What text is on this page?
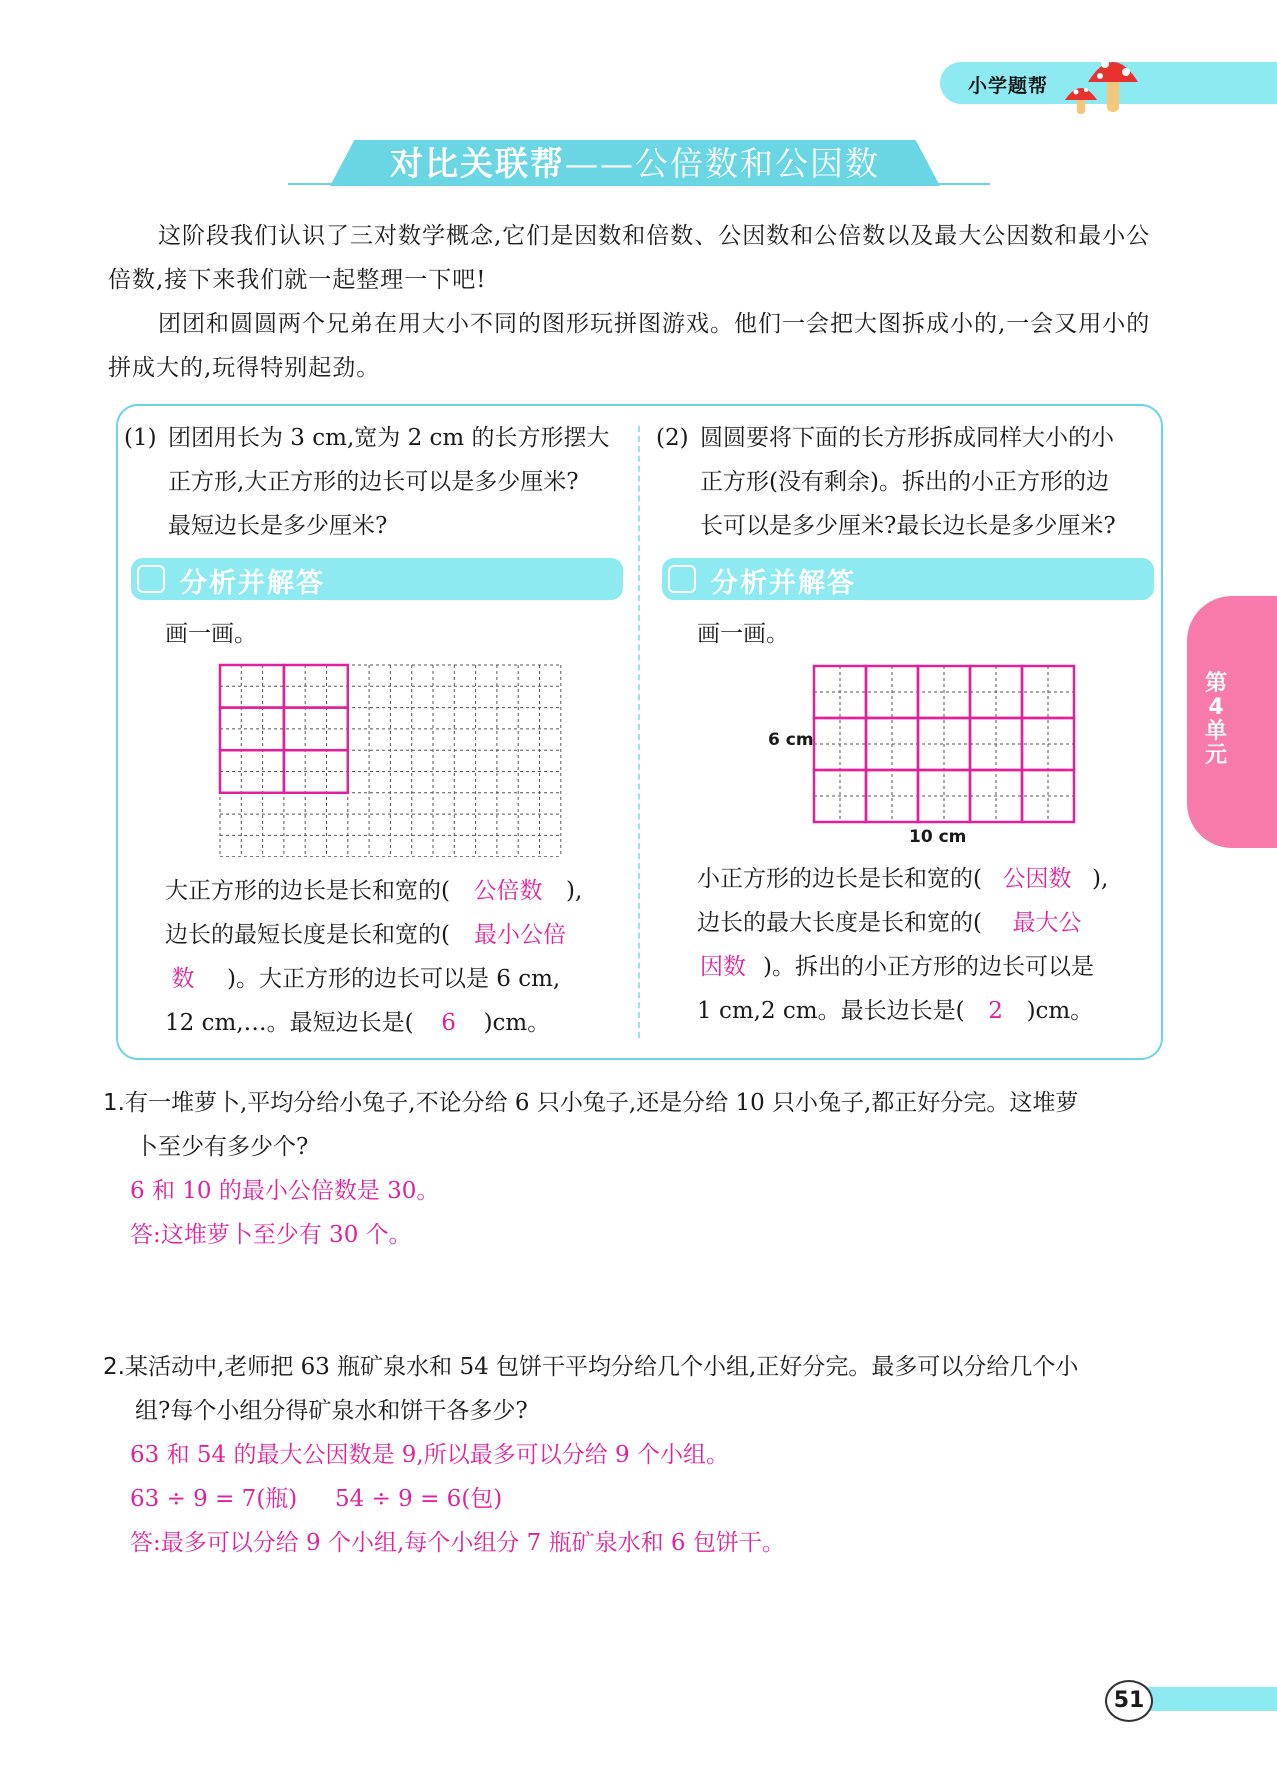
小学题帮
对比关联帮——公倍数和公因数
这阶段我们认识了三对数学概念,它们是因数和倍数、公因数和公倍数以及最大公因数和最小公倍数,接下来我们就一起整理一下吧!
团团和圆圆两个兄弟在用大小不同的图形玩拼图游戏。他们一会把大图拆成小的,一会又用小的拼成大的,玩得特别起劲。
(1) 团团用长为 3 cm,宽为 2 cm 的长方形摆大
正方形,大正方形的边长可以是多少厘米?
最短边长是多少厘米?
分析并解答
画一画。
大正方形的边长是长和宽的( 公倍数 ),
边长的最短长度是长和宽的( 最小公倍
数 )。大正方形的边长可以是 6 cm,
12 cm,…。最短边长是( 6 )cm。
(2) 圆圆要将下面的长方形拆成同样大小的小
正方形(没有剩余)。拆出的小正方形的边
长可以是多少厘米?最长边长是多少厘米?
分析并解答
画一画。
6 cm
10 cm
小正方形的边长是长和宽的( 公因数 ),
边长的最大长度是长和宽的( 最大公
因数 )。拆出的小正方形的边长可以是
1 cm,2 cm。最长边长是( 2 )cm。
第
4
单
元
1.有一堆萝卜,平均分给小兔子,不论分给 6 只小兔子,还是分给 10 只小兔子,都正好分完。这堆萝
卜至少有多少个?
6 和 10 的最小公倍数是 30。
答:这堆萝卜至少有 30 个。
2.某活动中,老师把 63 瓶矿泉水和 54 包饼干平均分给几个小组,正好分完。最多可以分给几个小
组?每个小组分得矿泉水和饼干各多少?
63 和 54 的最大公因数是 9,所以最多可以分给 9 个小组。
63 ÷ 9 = 7(瓶) 54 ÷ 9 = 6(包)
答:最多可以分给 9 个小组,每个小组分 7 瓶矿泉水和 6 包饼干。
51
